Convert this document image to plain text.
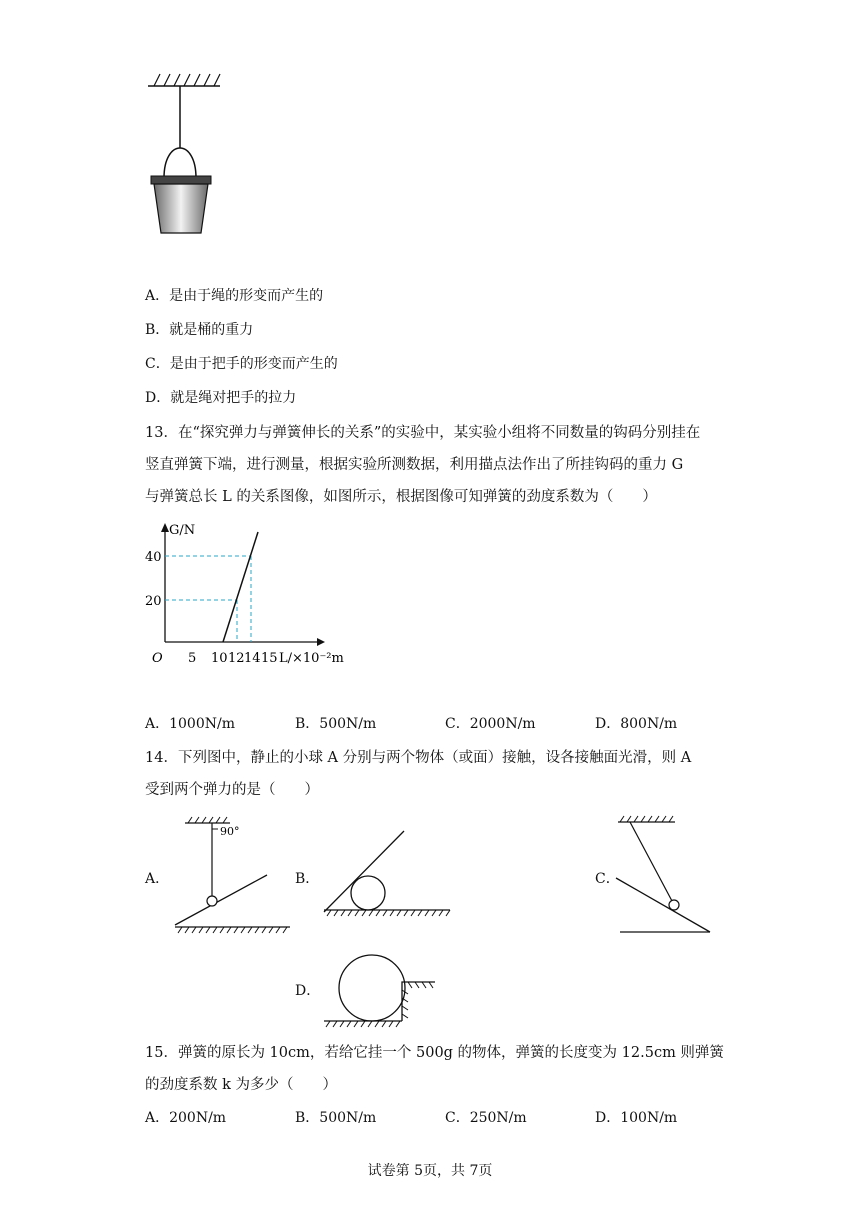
A．是由于绳的形变而产生的
B．就是桶的重力
C．是由于把手的形变而产生的
D．就是绳对把手的拉力
13．在“探究弹力与弹簧伸长的关系”的实验中，某实验小组将不同数量的钩码分别挂在
竖直弹簧下端，进行测量，根据实验所测数据，利用描点法作出了所挂钩码的重力 G
与弹簧总长 L 的关系图像，如图所示，根据图像可知弹簧的劲度系数为（　　）
G/N
40
20
O 5 10 12 14 15 L/×10⁻²m
A．1000N/m	B．500N/m	C．2000N/m	D．800N/m
14．下列图中，静止的小球 A 分别与两个物体（或面）接触，设各接触面光滑，则 A
受到两个弹力的是（　　）
A．	B．	C．
D．
90°
15．弹簧的原长为 10cm，若给它挂一个 500g 的物体，弹簧的长度变为 12.5cm 则弹簧
的劲度系数 k 为多少（　　）
A．200N/m	B．500N/m	C．250N/m	D．100N/m
试卷第 5页，共 7页
